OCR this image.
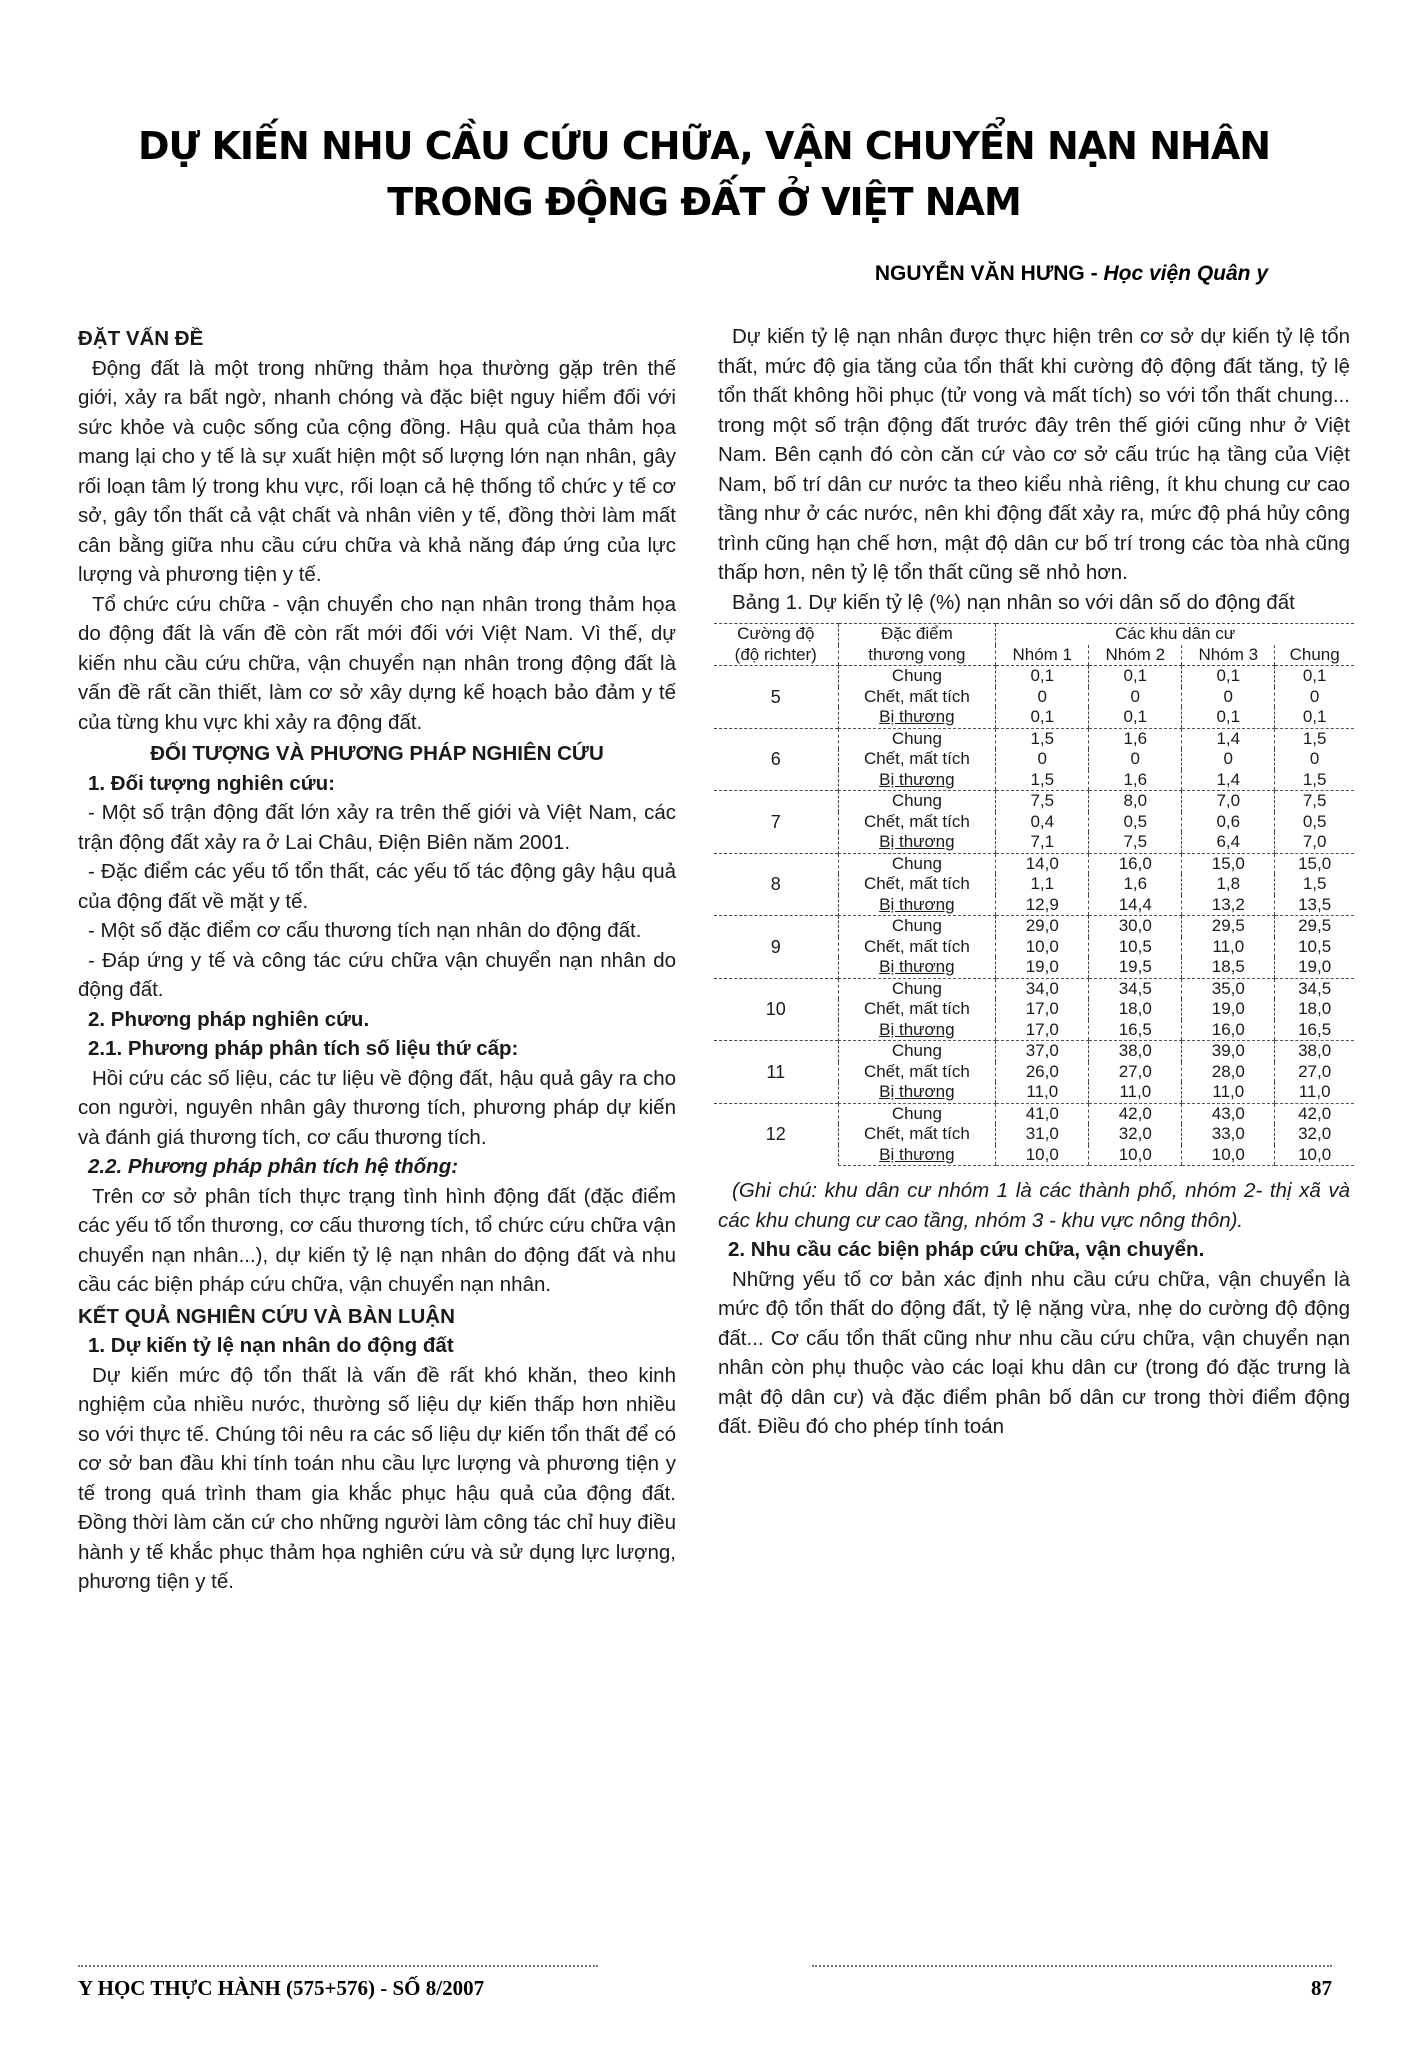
DỰ KIẾN NHU CẦU CỨU CHỮA, VẬN CHUYỂN NẠN NHÂN
TRONG ĐỘNG ĐẤT Ở VIỆT NAM
NGUYỄN VĂN HƯNG - Học viện Quân y
ĐẶT VẤN ĐỀ

Động đất là một trong những thảm họa thường gặp trên thế giới, xảy ra bất ngờ, nhanh chóng và đặc biệt nguy hiểm đối với sức khỏe và cuộc sống của cộng đồng. Hậu quả của thảm họa mang lại cho y tế là sự xuất hiện một số lượng lớn nạn nhân, gây rối loạn tâm lý trong khu vực, rối loạn cả hệ thống tổ chức y tế cơ sở, gây tổn thất cả vật chất và nhân viên y tế, đồng thời làm mất cân bằng giữa nhu cầu cứu chữa và khả năng đáp ứng của lực lượng và phương tiện y tế.

Tổ chức cứu chữa - vận chuyển cho nạn nhân trong thảm họa do động đất là vấn đề còn rất mới đối với Việt Nam. Vì thế, dự kiến nhu cầu cứu chữa, vận chuyển nạn nhân trong động đất là vấn đề rất cần thiết, làm cơ sở xây dựng kế hoạch bảo đảm y tế của từng khu vực khi xảy ra động đất.

ĐỐI TƯỢNG VÀ PHƯƠNG PHÁP NGHIÊN CỨU
1. Đối tượng nghiên cứu:

- Một số trận động đất lớn xảy ra trên thế giới và Việt Nam, các trận động đất xảy ra ở Lai Châu, Điện Biên năm 2001.

- Đặc điểm các yếu tố tổn thất, các yếu tố tác động gây hậu quả của động đất về mặt y tế.

- Một số đặc điểm cơ cấu thương tích nạn nhân do động đất.

- Đáp ứng y tế và công tác cứu chữa vận chuyển nạn nhân do động đất.

2. Phương pháp nghiên cứu.
2.1. Phương pháp phân tích số liệu thứ cấp:

Hồi cứu các số liệu, các tư liệu về động đất, hậu quả gây ra cho con người, nguyên nhân gây thương tích, phương pháp dự kiến và đánh giá thương tích, cơ cấu thương tích.

2.2. Phương pháp phân tích hệ thống:

Trên cơ sở phân tích thực trạng tình hình động đất (đặc điểm các yếu tố tổn thương, cơ cấu thương tích, tổ chức cứu chữa vận chuyển nạn nhân...), dự kiến tỷ lệ nạn nhân do động đất và nhu cầu các biện pháp cứu chữa, vận chuyển nạn nhân.

KẾT QUẢ NGHIÊN CỨU VÀ BÀN LUẬN
1. Dự kiến tỷ lệ nạn nhân do động đất

Dự kiến mức độ tổn thất là vấn đề rất khó khăn, theo kinh nghiệm của nhiều nước, thường số liệu dự kiến thấp hơn nhiều so với thực tế. Chúng tôi nêu ra các số liệu dự kiến tổn thất để có cơ sở ban đầu khi tính toán nhu cầu lực lượng và phương tiện y tế trong quá trình tham gia khắc phục hậu quả của động đất. Đồng thời làm căn cứ cho những người làm công tác chỉ huy điều hành y tế khắc phục thảm họa nghiên cứu và sử dụng lực lượng, phương tiện y tế.

Dự kiến tỷ lệ nạn nhân được thực hiện trên cơ sở dự kiến tỷ lệ tổn thất, mức độ gia tăng của tổn thất khi cường độ động đất tăng, tỷ lệ tổn thất không hồi phục (tử vong và mất tích) so với tổn thất chung... trong một số trận động đất trước đây trên thế giới cũng như ở Việt Nam. Bên cạnh đó còn căn cứ vào cơ sở cấu trúc hạ tầng của Việt Nam, bố trí dân cư nước ta theo kiểu nhà riêng, ít khu chung cư cao tầng như ở các nước, nên khi động đất xảy ra, mức độ phá hủy công trình cũng hạn chế hơn, mật độ dân cư bố trí trong các tòa nhà cũng thấp hơn, nên tỷ lệ tổn thất cũng sẽ nhỏ hơn.

Bảng 1. Dự kiến tỷ lệ (%) nạn nhân so với dân số do động đất

Cường độ	Đặc điểm	Các khu dân cư			
(độ richter)	thương vong	Nhóm 1	Nhóm 2	Nhóm 3	Chung
5	Chung	0,1	0,1	0,1	0,1
	Chết, mất tích	0	0	0	0
	Bị thương	0,1	0,1	0,1	0,1
6	Chung	1,5	1,6	1,4	1,5
	Chết, mất tích	0	0	0	0
	Bị thương	1,5	1,6	1,4	1,5
7	Chung	7,5	8,0	7,0	7,5
	Chết, mất tích	0,4	0,5	0,6	0,5
	Bị thương	7,1	7,5	6,4	7,0
8	Chung	14,0	16,0	15,0	15,0
	Chết, mất tích	1,1	1,6	1,8	1,5
	Bị thương	12,9	14,4	13,2	13,5
9	Chung	29,0	30,0	29,5	29,5
	Chết, mất tích	10,0	10,5	11,0	10,5
	Bị thương	19,0	19,5	18,5	19,0
10	Chung	34,0	34,5	35,0	34,5
	Chết, mất tích	17,0	18,0	19,0	18,0
	Bị thương	17,0	16,5	16,0	16,5
11	Chung	37,0	38,0	39,0	38,0
	Chết, mất tích	26,0	27,0	28,0	27,0
	Bị thương	11,0	11,0	11,0	11,0
12	Chung	41,0	42,0	43,0	42,0
	Chết, mất tích	31,0	32,0	33,0	32,0
	Bị thương	10,0	10,0	10,0	10,0

(Ghi chú: khu dân cư nhóm 1 là các thành phố, nhóm 2- thị xã và các khu chung cư cao tầng, nhóm 3 - khu vực nông thôn).

2. Nhu cầu các biện pháp cứu chữa, vận chuyển.

Những yếu tố cơ bản xác định nhu cầu cứu chữa, vận chuyển là mức độ tổn thất do động đất, tỷ lệ nặng vừa, nhẹ do cường độ động đất... Cơ cấu tổn thất cũng như nhu cầu cứu chữa, vận chuyển nạn nhân còn phụ thuộc vào các loại khu dân cư (trong đó đặc trưng là mật độ dân cư) và đặc điểm phân bố dân cư trong thời điểm động đất. Điều đó cho phép tính toán

Y HỌC THỰC HÀNH (575+576) - SỐ 8/2007	87
